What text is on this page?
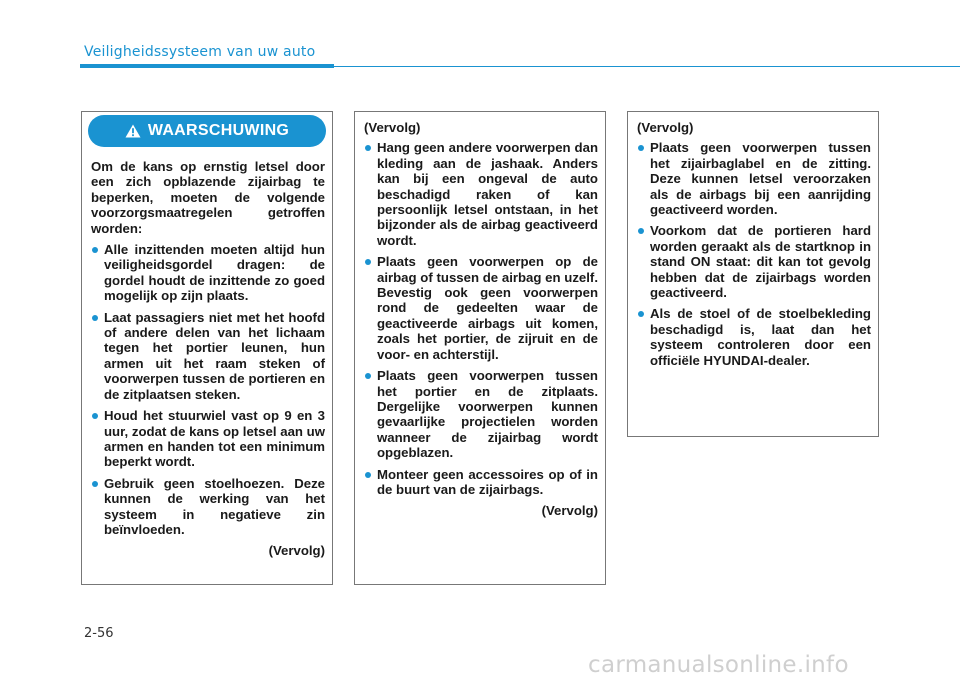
Veiligheidssysteem van uw auto
WAARSCHUWING

Om de kans op ernstig letsel door een zich opblazende zijairbag te beperken, moeten de volgende voorzorgsmaatregelen getroffen worden:

Alle inzittenden moeten altijd hun veiligheidsgordel dragen: de gordel houdt de inzittende zo goed mogelijk op zijn plaats.
Laat passagiers niet met het hoofd of andere delen van het lichaam tegen het portier leunen, hun armen uit het raam steken of voorwerpen tussen de portieren en de zitplaatsen steken.
Houd het stuurwiel vast op 9 en 3 uur, zodat de kans op letsel aan uw armen en handen tot een minimum beperkt wordt.
Gebruik geen stoelhoezen. Deze kunnen de werking van het systeem in negatieve zin beïnvloeden.
(Vervolg)
(Vervolg)
Hang geen andere voorwerpen dan kleding aan de jashaak. Anders kan bij een ongeval de auto beschadigd raken of kan persoonlijk letsel ontstaan, in het bijzonder als de airbag geactiveerd wordt.
Plaats geen voorwerpen op de airbag of tussen de airbag en uzelf. Bevestig ook geen voorwerpen rond de gedeelten waar de geactiveerde airbags uit komen, zoals het portier, de zijruit en de voor- en achterstijl.
Plaats geen voorwerpen tussen het portier en de zitplaats. Dergelijke voorwerpen kunnen gevaarlijke projectielen worden wanneer de zijairbag wordt opgeblazen.
Monteer geen accessoires op of in de buurt van de zijairbags.
(Vervolg)
(Vervolg)
Plaats geen voorwerpen tussen het zijairbaglabel en de zitting. Deze kunnen letsel veroorzaken als de airbags bij een aanrijding geactiveerd worden.
Voorkom dat de portieren hard worden geraakt als de startknop in stand ON staat: dit kan tot gevolg hebben dat de zijairbags worden geactiveerd.
Als de stoel of de stoelbekleding beschadigd is, laat dan het systeem controleren door een officiële HYUNDAI-dealer.
2-56
carmanualsonline.info
